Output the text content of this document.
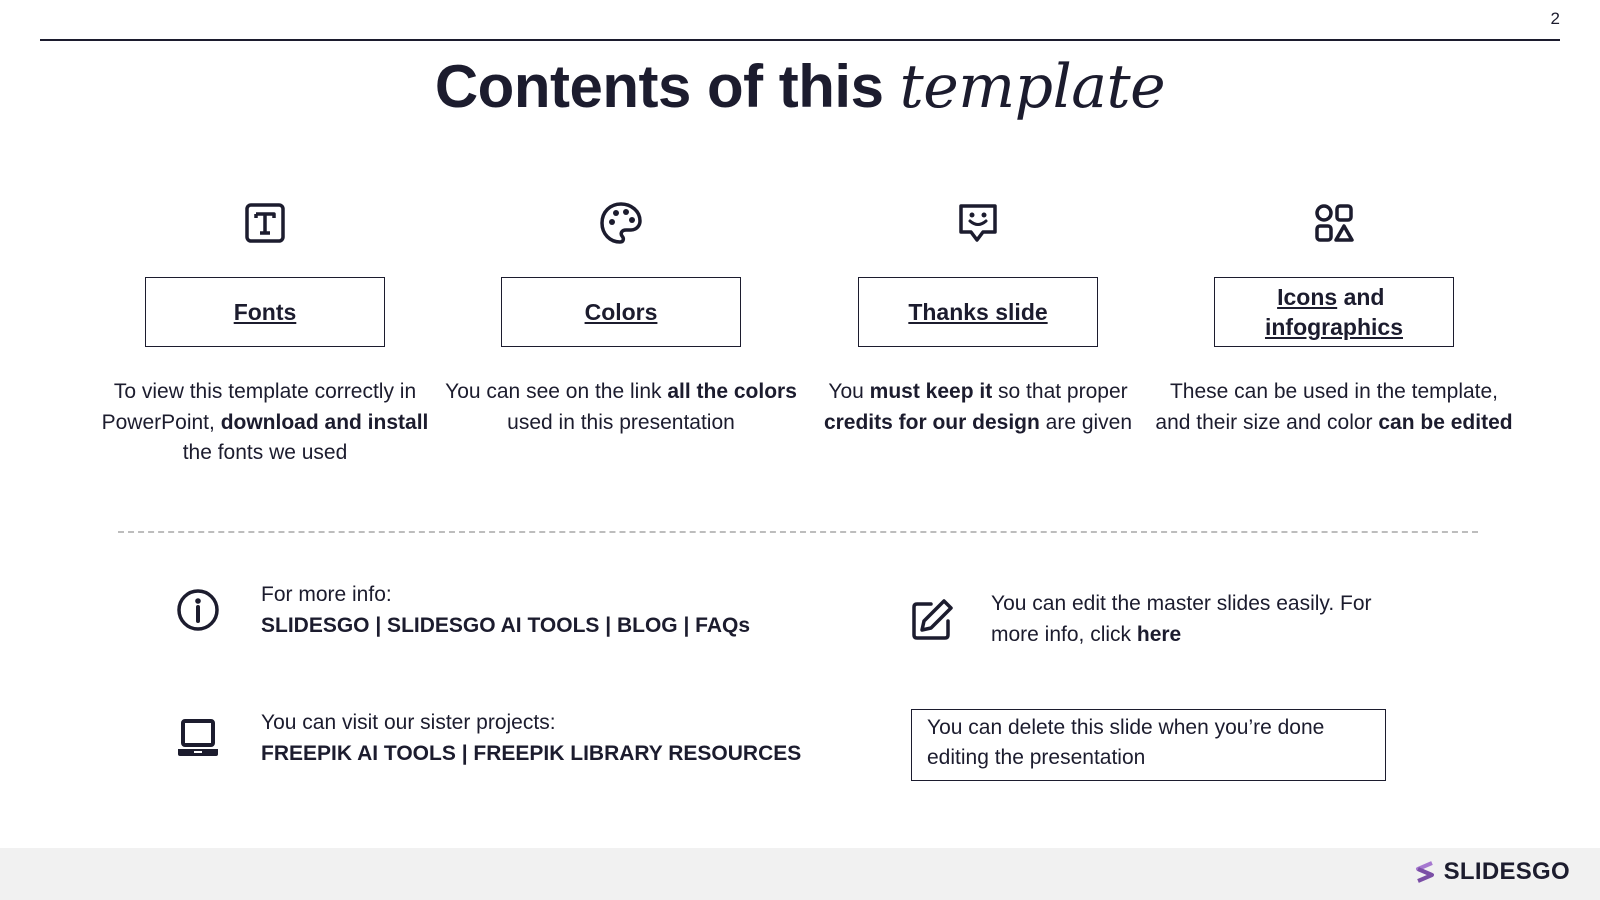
2
Contents of this template
Fonts
To view this template correctly in PowerPoint, download and install the fonts we used
Colors
You can see on the link all the colors used in this presentation
Thanks slide
You must keep it so that proper credits for our design are given
Icons and
infographics
These can be used in the template, and their size and color can be edited
For more info:
SLIDESGO | SLIDESGO AI TOOLS | BLOG | FAQs
You can visit our sister projects:
FREEPIK AI TOOLS | FREEPIK LIBRARY RESOURCES
You can edit the master slides easily. For more info, click here
You can delete this slide when you’re done editing the presentation
SLIDESGO
